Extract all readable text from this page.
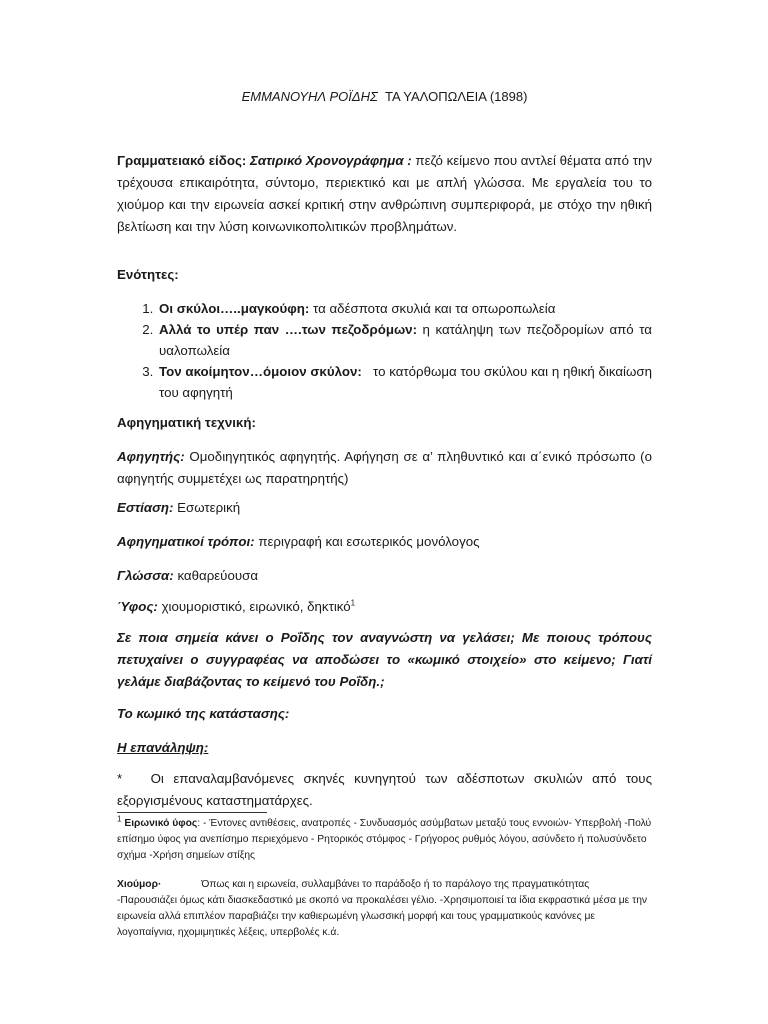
ΕΜΜΑΝΟΥΗΛ ΡΟΪΔΗΣ ΤΑ ΥΑΛΟΠΩΛΕΙΑ (1898)
Γραμματειακό είδος: Σατιρικό Χρονογράφημα : πεζό κείμενο που αντλεί θέματα από την τρέχουσα επικαιρότητα, σύντομο, περιεκτικό και με απλή γλώσσα. Με εργαλεία του το χιούμορ και την ειρωνεία ασκεί κριτική στην ανθρώπινη συμπεριφορά, με στόχο την ηθική βελτίωση και την λύση κοινωνικοπολιτικών προβλημάτων.
Ενότητες:
1. Οι σκύλοι…..μαγκούφη: τα αδέσποτα σκυλιά και τα οπωροπωλεία
2. Αλλά το υπέρ παν ….των πεζοδρόμων: η κατάληψη των πεζοδρομίων από τα υαλοπωλεία
3. Τον ακοίμητον…όμοιον σκύλον: το κατόρθωμα του σκύλου και η ηθική δικαίωση του αφηγητή
Αφηγηματική τεχνική:
Αφηγητής: Ομοδιηγητικός αφηγητής. Αφήγηση σε α’ πληθυντικό και α΄ενικό πρόσωπο (ο αφηγητής συμμετέχει ως παρατηρητής)
Εστίαση: Εσωτερική
Αφηγηματικοί τρόποι: περιγραφή και εσωτερικός μονόλογος
Γλώσσα: καθαρεύουσα
Ύφος: χιουμοριστικό, ειρωνικό, δηκτικό$^1$
Σε ποια σημεία κάνει ο Ροΐδης τον αναγνώστη να γελάσει; Με ποιους τρόπους πετυχαίνει ο συγγραφέας να αποδώσει το «κωμικό στοιχείο» στο κείμενο; Γιατί γελάμε διαβάζοντας το κείμενό του Ροΐδη.;
Το κωμικό της κατάστασης:
Η επανάληψη:
* Οι επαναλαμβανόμενες σκηνές κυνηγητού των αδέσποτων σκυλιών από τους εξοργισμένους καταστηματάρχες.
$^1$ Ειρωνικό ύφος: - Έντονες αντιθέσεις, ανατροπές - Συνδυασμός ασύμβατων μεταξύ τους εννοιών- Υπερβολή -Πολύ επίσημο ύφος για ανεπίσημο περιεχόμενο - Ρητορικός στόμφος - Γρήγορος ρυθμός λόγου, ασύνδετο ή πολυσύνδετο σχήμα -Χρήση σημείων στίξης
Χιούμορ·	Όπως και η ειρωνεία, συλλαμβάνει το παράδοξο ή το παράλογο της πραγματικότητας -Παρουσιάζει όμως κάτι διασκεδαστικό με σκοπό να προκαλέσει γέλιο. -Χρησιμοποιεί τα ίδια εκφραστικά μέσα με την ειρωνεία αλλά επιπλέον παραβιάζει την καθιερωμένη γλωσσική μορφή και τους γραμματικούς κανόνες με λογοπαίγνια, ηχομιμητικές λέξεις, υπερβολές κ.ά.
